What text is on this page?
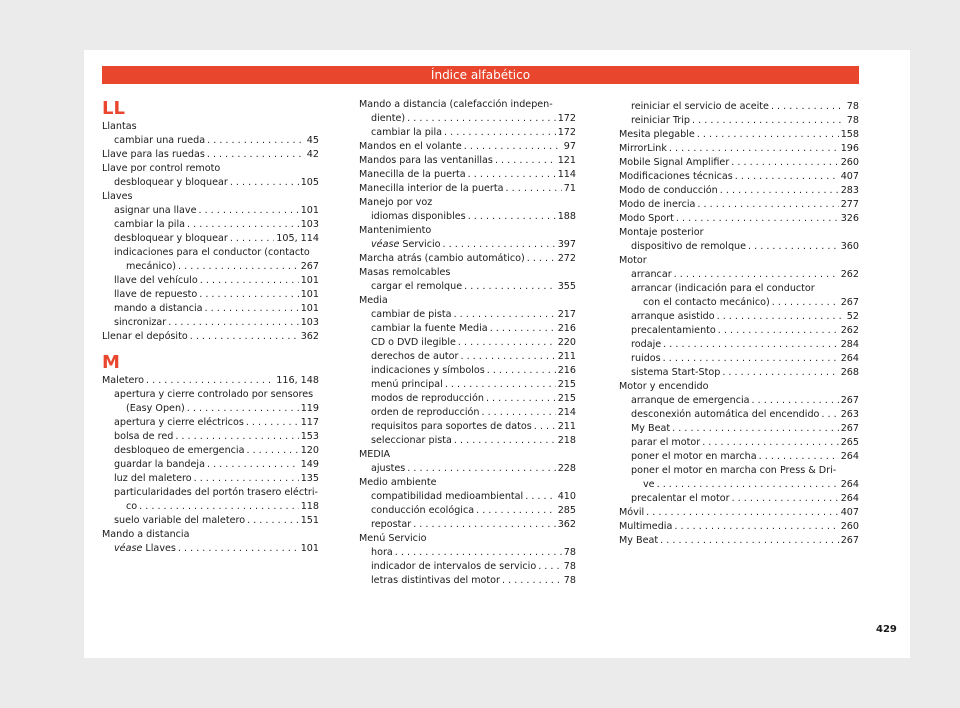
Índice alfabético
LL
Llantas
cambiar una rueda . . .	45
Llave para las ruedas . . .	42
Llave por control remoto
desbloquear y bloquear . . .	105
Llaves
asignar una llave . . .	101
cambiar la pila . . .	103
desbloquear y bloquear . . .	105, 114
indicaciones para el conductor (contacto
mecánico) . . .	267
llave del vehículo . . .	101
llave de repuesto . . .	101
mando a distancia . . .	101
sincronizar . . .	103
Llenar el depósito . . .	362
M
Maletero . . .	116, 148
apertura y cierre controlado por sensores
(Easy Open) . . .	119
apertura y cierre eléctricos . . .	117
bolsa de red . . .	153
desbloqueo de emergencia . . .	120
guardar la bandeja . . .	149
luz del maletero . . .	135
particularidades del portón trasero eléctri-
co . . .	118
suelo variable del maletero . . .	151
Mando a distancia
véase Llaves . . .	101
Mando a distancia (calefacción indepen-
diente) . . .	172
cambiar la pila . . .	172
Mandos en el volante . . .	97
Mandos para las ventanillas . . .	121
Manecilla de la puerta . . .	114
Manecilla interior de la puerta . . .	71
Manejo por voz
idiomas disponibles . . .	188
Mantenimiento
véase Servicio . . .	397
Marcha atrás (cambio automático) . . .	272
Masas remolcables
cargar el remolque . . .	355
Media
cambiar de pista . . .	217
cambiar la fuente Media . . .	216
CD o DVD ilegible . . .	220
derechos de autor . . .	211
indicaciones y símbolos . . .	216
menú principal . . .	215
modos de reproducción . . .	215
orden de reproducción . . .	214
requisitos para soportes de datos . . .	211
seleccionar pista . . .	218
MEDIA
ajustes . . .	228
Medio ambiente
compatibilidad medioambiental . . .	410
conducción ecológica . . .	285
repostar . . .	362
Menú Servicio
hora . . .	78
indicador de intervalos de servicio . . .	78
letras distintivas del motor . . .	78
reiniciar el servicio de aceite . . .	78
reiniciar Trip . . .	78
Mesita plegable . . .	158
MirrorLink . . .	196
Mobile Signal Amplifier . . .	260
Modificaciones técnicas . . .	407
Modo de conducción . . .	283
Modo de inercia . . .	277
Modo Sport . . .	326
Montaje posterior
dispositivo de remolque . . .	360
Motor
arrancar . . .	262
arrancar (indicación para el conductor
con el contacto mecánico) . . .	267
arranque asistido . . .	52
precalentamiento . . .	262
rodaje . . .	284
ruidos . . .	264
sistema Start-Stop . . .	268
Motor y encendido
arranque de emergencia . . .	267
desconexión automática del encendido . . . 263
My Beat . . .	267
parar el motor . . .	265
poner el motor en marcha . . .	264
poner el motor en marcha con Press & Dri-
ve . . .	264
precalentar el motor . . .	264
Móvil . . .	407
Multimedia . . .	260
My Beat . . .	267
429
